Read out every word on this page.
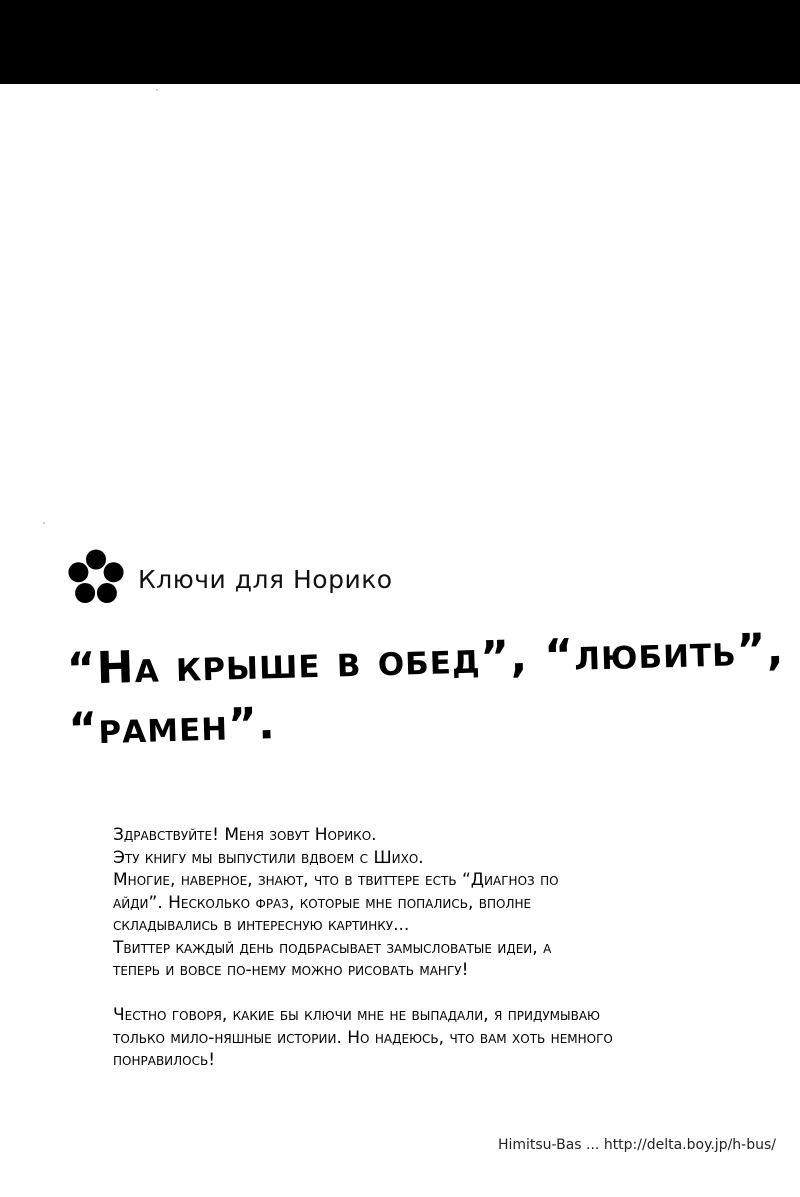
Ключи для Норико
“На крыше в обед”, “любить”,
“рамен”.
Здравствуйте! Меня зовут Норико.
Эту книгу мы выпустили вдвоем с Шихо.
Многие, наверное, знают, что в твиттере есть “Диагноз по
айди”. Несколько фраз, которые мне попались, вполне
складывались в интересную картинку...
Твиттер каждый день подбрасывает замысловатые идеи, а
теперь и вовсе по-нему можно рисовать мангу!
Честно говоря, какие бы ключи мне не выпадали, я придумываю
только мило-няшные истории. Но надеюсь, что вам хоть немного
понравилось!
Himitsu-Bas ... http://delta.boy.jp/h-bus/
